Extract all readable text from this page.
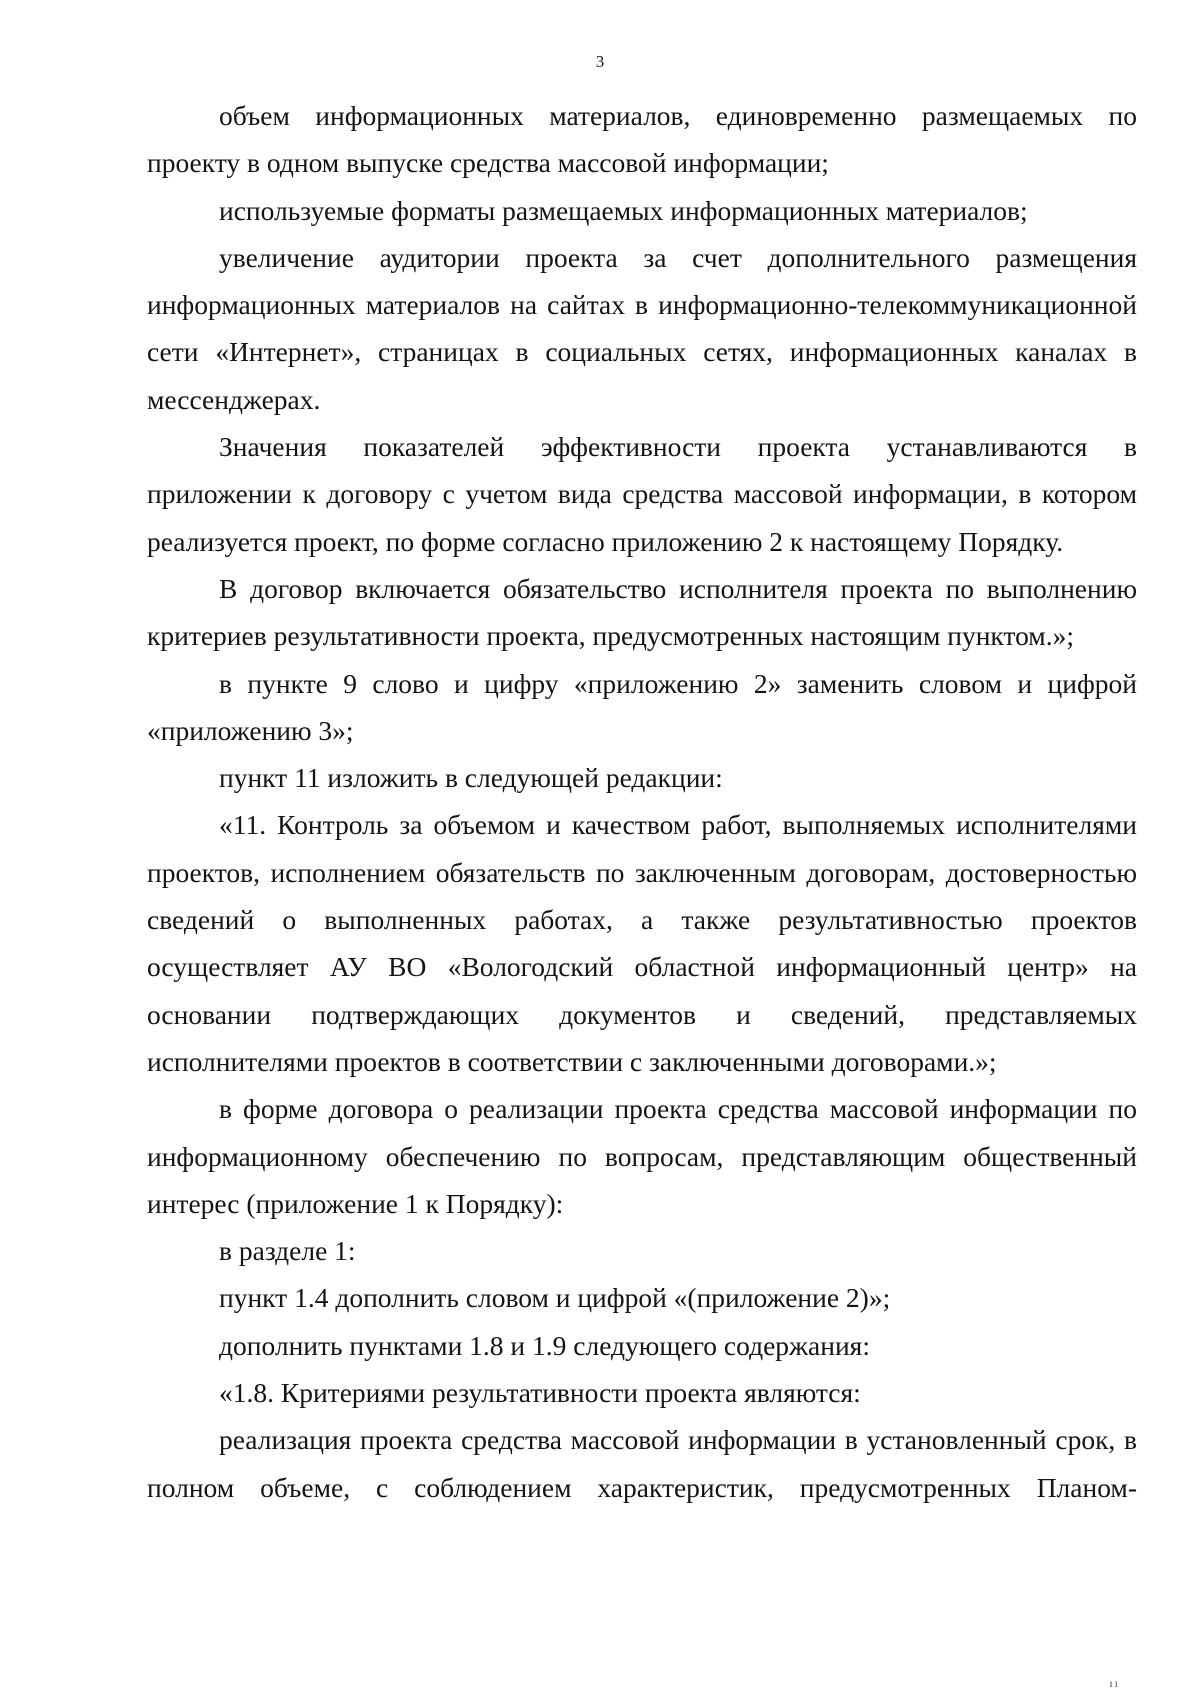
3

объем информационных материалов, единовременно размещаемых по проекту в одном выпуске средства массовой информации;

используемые форматы размещаемых информационных материалов;

увеличение аудитории проекта за счет дополнительного размещения информационных материалов на сайтах в информационно-телекоммуникационной сети «Интернет», страницах в социальных сетях, информационных каналах в мессенджерах.

Значения показателей эффективности проекта устанавливаются в приложении к договору с учетом вида средства массовой информации, в котором реализуется проект, по форме согласно приложению 2 к настоящему Порядку.

В договор включается обязательство исполнителя проекта по выполнению критериев результативности проекта, предусмотренных настоящим пунктом.»;

в пункте 9 слово и цифру «приложению 2» заменить словом и цифрой «приложению 3»;

пункт 11 изложить в следующей редакции:

«11. Контроль за объемом и качеством работ, выполняемых исполнителями проектов, исполнением обязательств по заключенным договорам, достоверностью сведений о выполненных работах, а также результативностью проектов осуществляет АУ ВО «Вологодский областной информационный центр» на основании подтверждающих документов и сведений, представляемых исполнителями проектов в соответствии с заключенными договорами.»;

в форме договора о реализации проекта средства массовой информации по информационному обеспечению по вопросам, представляющим общественный интерес (приложение 1 к Порядку):

в разделе 1:

пункт 1.4 дополнить словом и цифрой «(приложение 2)»;

дополнить пунктами 1.8 и 1.9 следующего содержания:

«1.8. Критериями результативности проекта являются:

реализация проекта средства массовой информации в установленный срок, в полном объеме, с соблюдением характеристик, предусмотренных Планом-

ıı
